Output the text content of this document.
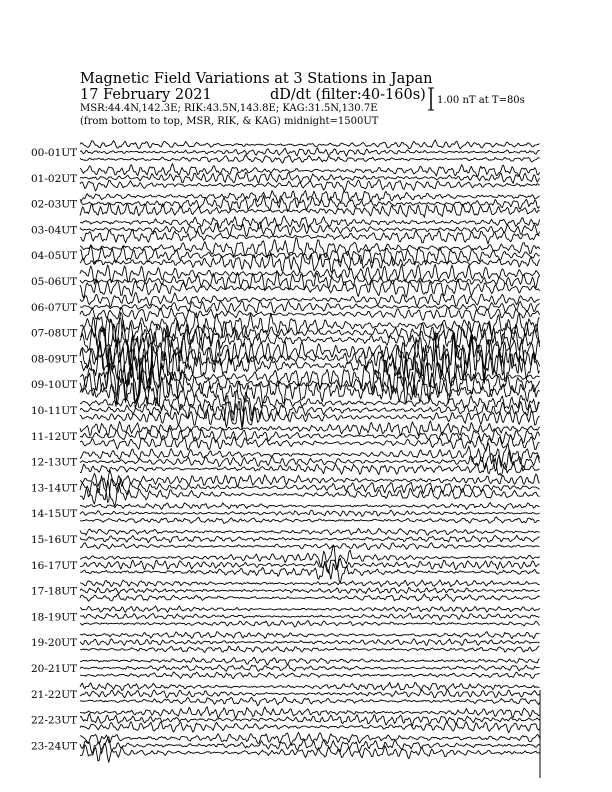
Magnetic Field Variations at 3 Stations in Japan
17 February 2021	dD/dt (filter:40-160s)
MSR:44.4N,142.3E; RIK:43.5N,143.8E; KAG:31.5N,130.7E
(from bottom to top, MSR, RIK, & KAG) midnight=1500UT
1.00 nT at T=80s
00-01UT
01-02UT
02-03UT
03-04UT
04-05UT
05-06UT
06-07UT
07-08UT
08-09UT
09-10UT
10-11UT
11-12UT
12-13UT
13-14UT
14-15UT
15-16UT
16-17UT
17-18UT
18-19UT
19-20UT
20-21UT
21-22UT
22-23UT
23-24UT
